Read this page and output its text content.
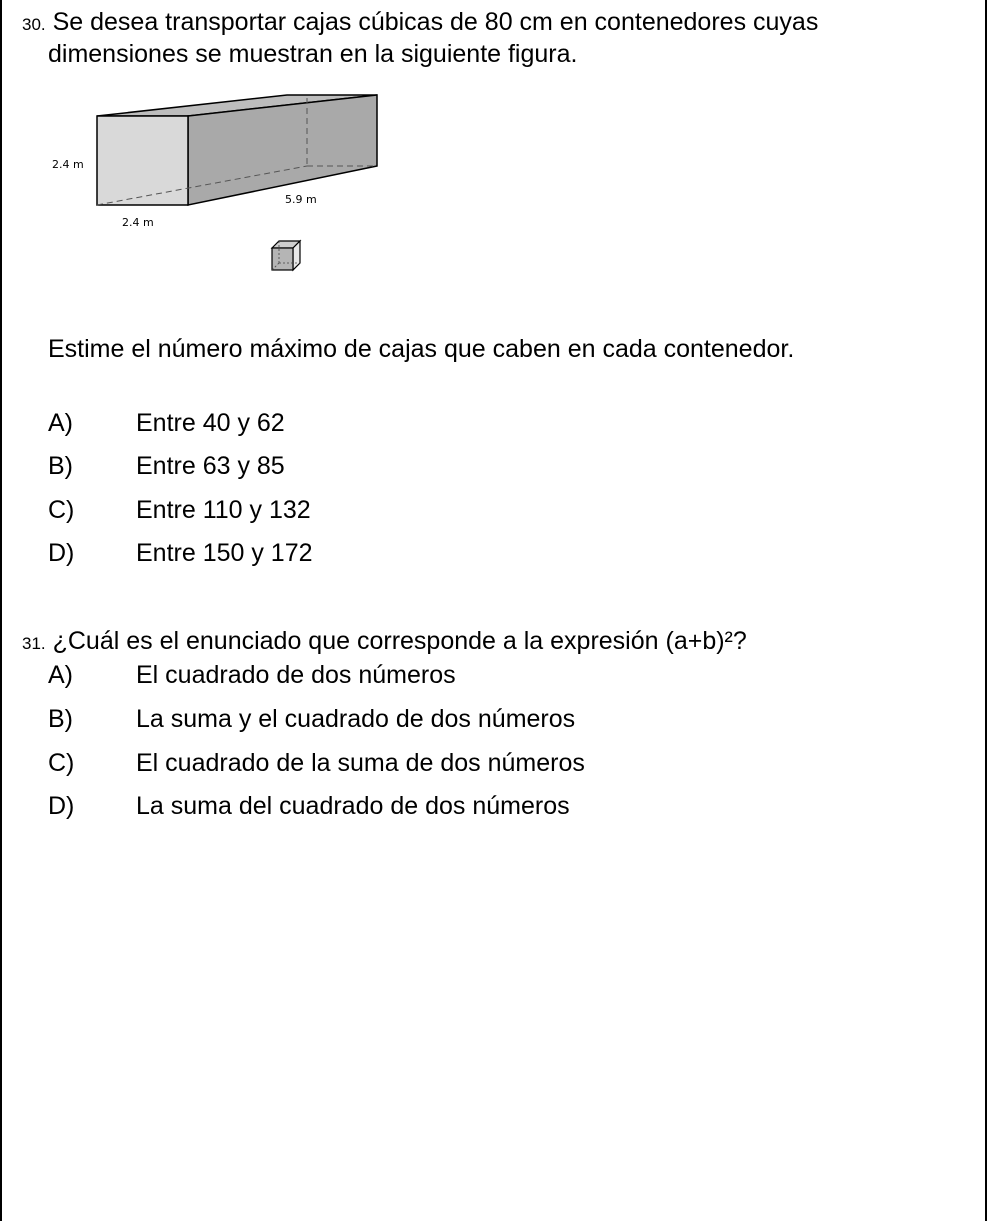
30. Se desea transportar cajas cúbicas de 80 cm en contenedores cuyas
dimensiones se muestran en la siguiente figura.
2.4 m
5.9 m
2.4 m
Estime el número máximo de cajas que caben en cada contenedor.
A)	Entre 40 y 62
B)	Entre 63 y 85
C) Entre 110 y 132
D) Entre 150 y 172
31. ¿Cuál es el enunciado que corresponde a la expresión (a+b)²?
A)	El cuadrado de dos números
B)	La suma y el cuadrado de dos números
C) El cuadrado de la suma de dos números
D) La suma del cuadrado de dos números
